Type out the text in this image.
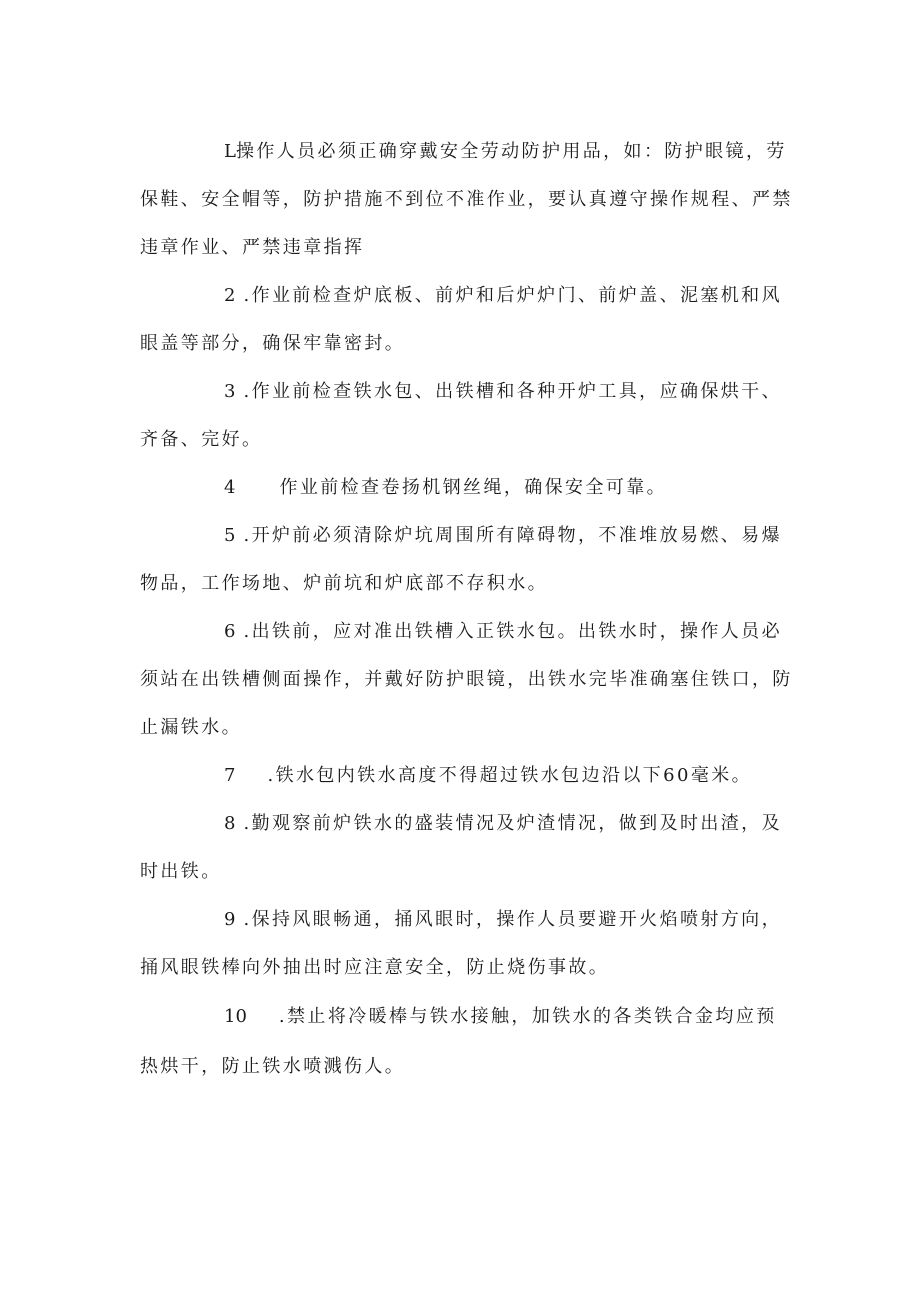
L操作人员必须正确穿戴安全劳动防护用品，如：防护眼镜，劳保鞋、安全帽等，防护措施不到位不准作业，要认真遵守操作规程、严禁违章作业、严禁违章指挥

2 .作业前检查炉底板、前炉和后炉炉门、前炉盖、泥塞机和风眼盖等部分，确保牢靠密封。

3 .作业前检查铁水包、出铁槽和各种开炉工具，应确保烘干、齐备、完好。

4 作业前检查卷扬机钢丝绳，确保安全可靠。

5 .开炉前必须清除炉坑周围所有障碍物，不准堆放易燃、易爆物品，工作场地、炉前坑和炉底部不存积水。

6 .出铁前，应对准出铁槽入正铁水包。出铁水时，操作人员必须站在出铁槽侧面操作，并戴好防护眼镜，出铁水完毕准确塞住铁口，防止漏铁水。

7 .铁水包内铁水高度不得超过铁水包边沿以下60毫米。

8 .勤观察前炉铁水的盛装情况及炉渣情况，做到及时出渣，及时出铁。

9 .保持风眼畅通，捅风眼时，操作人员要避开火焰喷射方向，捅风眼铁棒向外抽出时应注意安全，防止烧伤事故。

10 .禁止将冷暖棒与铁水接触，加铁水的各类铁合金均应预热烘干，防止铁水喷溅伤人。
